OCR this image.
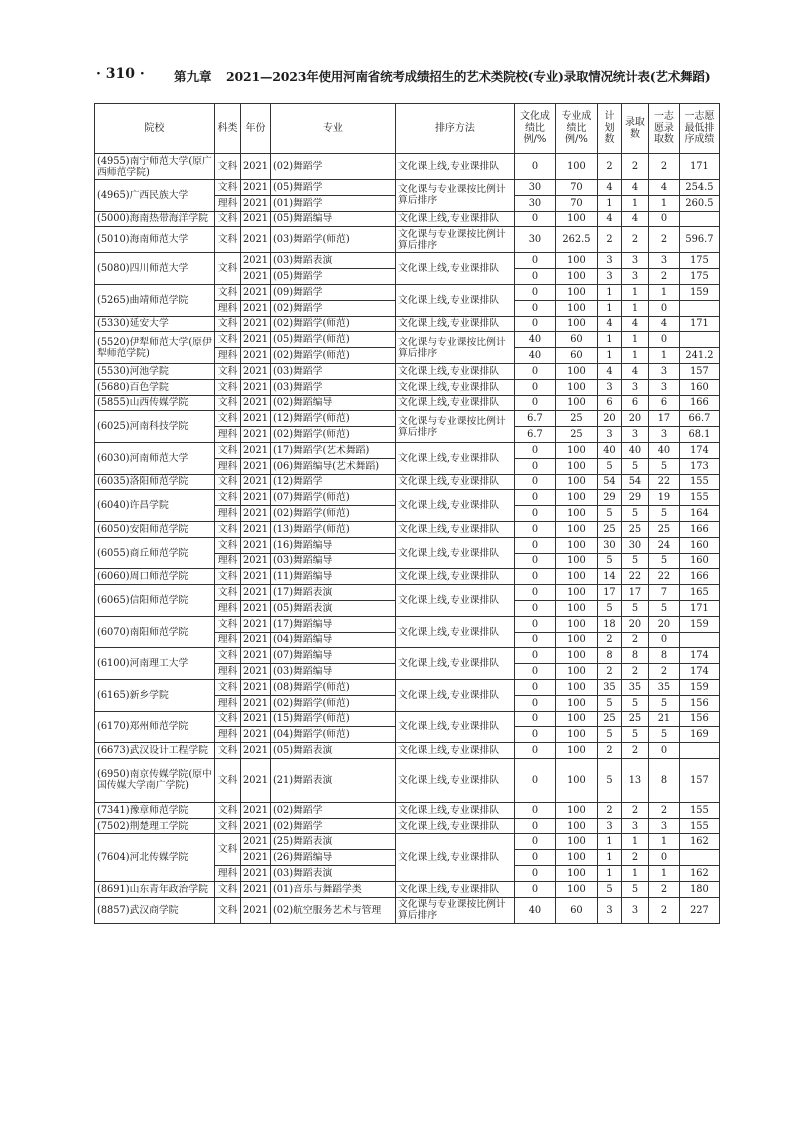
· 310 · 第九章 2021—2023年使用河南省统考成绩招生的艺术类院校(专业)录取情况统计表(艺术舞蹈)
院校	科类	年份	专业	排序方法	文化成绩比例/%	专业成绩比例/%	计划数	录取数	一志愿录取数	一志愿最低排序成绩
(4955)南宁师范大学(原广西师范学院)	文科	2021	(02)舞蹈学	文化课上线,专业课排队	0	100	2	2	2	171
(4965)广西民族大学	文科	2021	(05)舞蹈学	文化课与专业课按比例计算后排序	30	70	4	4	4	254.5
	理科	2021	(01)舞蹈学		30	70	1	1	1	260.5
(5000)海南热带海洋学院	文科	2021	(05)舞蹈编导	文化课上线,专业课排队	0	100	4	4	0	
(5010)海南师范大学	文科	2021	(03)舞蹈学(师范)	文化课与专业课按比例计算后排序	30	262.5	2	2	2	596.7
(5080)四川师范大学	文科	2021	(03)舞蹈表演	文化课上线,专业课排队	0	100	3	3	3	175
		2021	(05)舞蹈学		0	100	3	3	2	175
(5265)曲靖师范学院	文科	2021	(09)舞蹈学	文化课上线,专业课排队	0	100	1	1	1	159
	理科	2021	(02)舞蹈学		0	100	1	1	0	
(5330)延安大学	文科	2021	(02)舞蹈学(师范)	文化课上线,专业课排队	0	100	4	4	4	171
(5520)伊犁师范大学(原伊犁师范学院)	文科	2021	(05)舞蹈学(师范)	文化课与专业课按比例计算后排序	40	60	1	1	0	
	理科	2021	(02)舞蹈学(师范)		40	60	1	1	1	241.2
(5530)河池学院	文科	2021	(03)舞蹈学	文化课上线,专业课排队	0	100	4	4	3	157
(5680)百色学院	文科	2021	(03)舞蹈学	文化课上线,专业课排队	0	100	3	3	3	160
(5855)山西传媒学院	文科	2021	(02)舞蹈编导	文化课上线,专业课排队	0	100	6	6	6	166
(6025)河南科技学院	文科	2021	(12)舞蹈学(师范)	文化课与专业课按比例计算后排序	6.7	25	20	20	17	66.7
	理科	2021	(02)舞蹈学(师范)		6.7	25	3	3	3	68.1
(6030)河南师范大学	文科	2021	(17)舞蹈学(艺术舞蹈)	文化课上线,专业课排队	0	100	40	40	40	174
	理科	2021	(06)舞蹈编导(艺术舞蹈)		0	100	5	5	5	173
(6035)洛阳师范学院	文科	2021	(12)舞蹈学	文化课上线,专业课排队	0	100	54	54	22	155
(6040)许昌学院	文科	2021	(07)舞蹈学(师范)	文化课上线,专业课排队	0	100	29	29	19	155
	理科	2021	(02)舞蹈学(师范)		0	100	5	5	5	164
(6050)安阳师范学院	文科	2021	(13)舞蹈学(师范)	文化课上线,专业课排队	0	100	25	25	25	166
(6055)商丘师范学院	文科	2021	(16)舞蹈编导	文化课上线,专业课排队	0	100	30	30	24	160
	理科	2021	(03)舞蹈编导		0	100	5	5	5	160
(6060)周口师范学院	文科	2021	(11)舞蹈编导	文化课上线,专业课排队	0	100	14	22	22	166
(6065)信阳师范学院	文科	2021	(17)舞蹈表演	文化课上线,专业课排队	0	100	17	17	7	165
	理科	2021	(05)舞蹈表演		0	100	5	5	5	171
(6070)南阳师范学院	文科	2021	(17)舞蹈编导	文化课上线,专业课排队	0	100	18	20	20	159
	理科	2021	(04)舞蹈编导		0	100	2	2	0	
(6100)河南理工大学	文科	2021	(07)舞蹈编导	文化课上线,专业课排队	0	100	8	8	8	174
	理科	2021	(03)舞蹈编导		0	100	2	2	2	174
(6165)新乡学院	文科	2021	(08)舞蹈学(师范)	文化课上线,专业课排队	0	100	35	35	35	159
	理科	2021	(02)舞蹈学(师范)		0	100	5	5	5	156
(6170)郑州师范学院	文科	2021	(15)舞蹈学(师范)	文化课上线,专业课排队	0	100	25	25	21	156
	理科	2021	(04)舞蹈学(师范)		0	100	5	5	5	169
(6673)武汉设计工程学院	文科	2021	(05)舞蹈表演	文化课上线,专业课排队	0	100	2	2	0	
(6950)南京传媒学院(原中国传媒大学南广学院)	文科	2021	(21)舞蹈表演	文化课上线,专业课排队	0	100	5	13	8	157
(7341)豫章师范学院	文科	2021	(02)舞蹈学	文化课上线,专业课排队	0	100	2	2	2	155
(7502)荆楚理工学院	文科	2021	(02)舞蹈学	文化课上线,专业课排队	0	100	3	3	3	155
(7604)河北传媒学院	文科	2021	(25)舞蹈表演	文化课上线,专业课排队	0	100	1	1	1	162
		2021	(26)舞蹈编导		0	100	1	2	0	
	理科	2021	(03)舞蹈表演		0	100	1	1	1	162
(8691)山东青年政治学院	文科	2021	(01)音乐与舞蹈学类	文化课上线,专业课排队	0	100	5	5	2	180
(8857)武汉商学院	文科	2021	(02)航空服务艺术与管理	文化课与专业课按比例计算后排序	40	60	3	3	2	227
